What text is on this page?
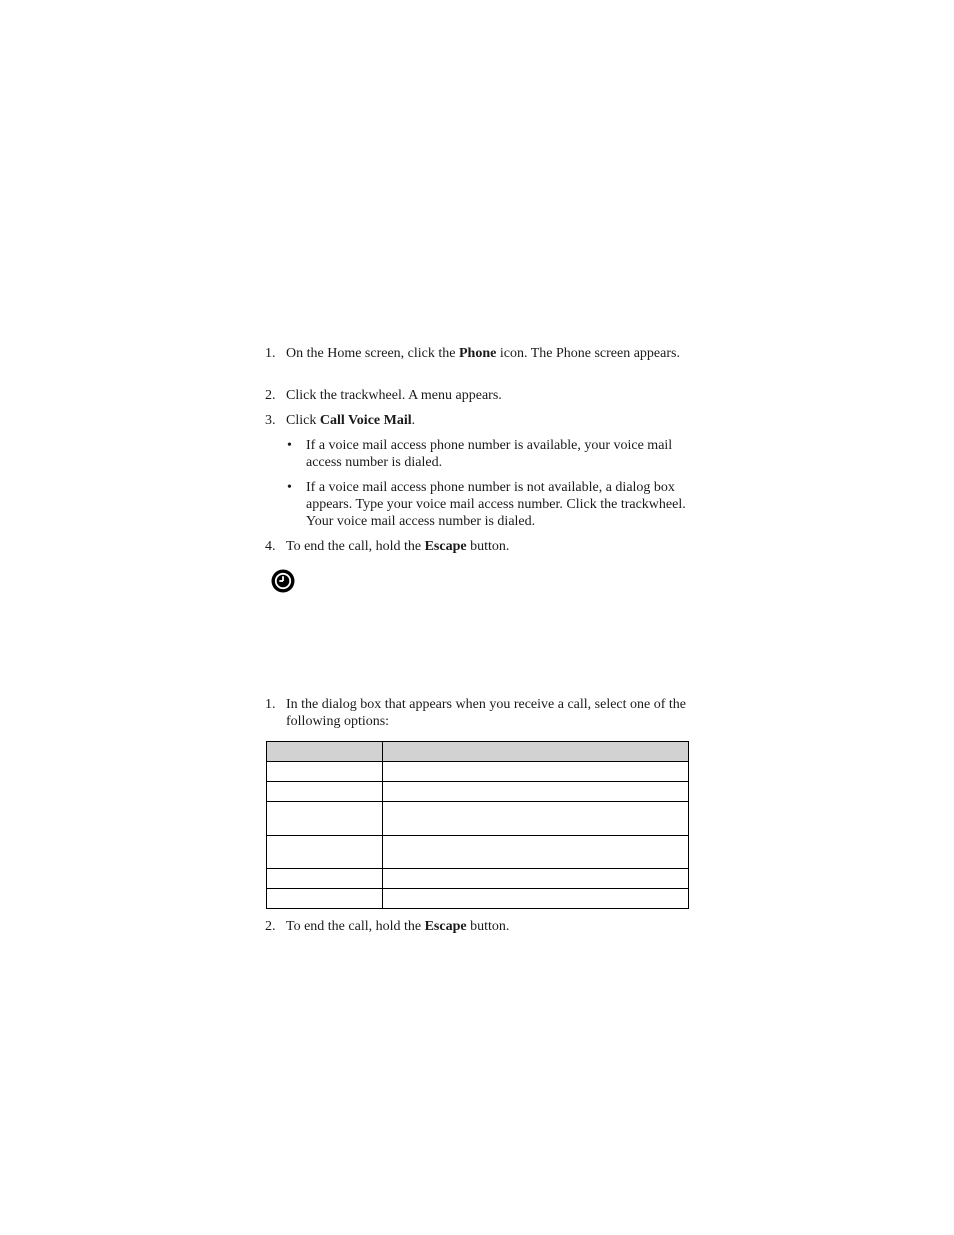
1. On the Home screen, click the Phone icon. The Phone screen appears.
2. Click the trackwheel. A menu appears.
3. Click Call Voice Mail.
• If a voice mail access phone number is available, your voice mail access number is dialed.
• If a voice mail access phone number is not available, a dialog box appears. Type your voice mail access number. Click the trackwheel. Your voice mail access number is dialed.
4. To end the call, hold the Escape button.
1. In the dialog box that appears when you receive a call, select one of the following options:

2. To end the call, hold the Escape button.
